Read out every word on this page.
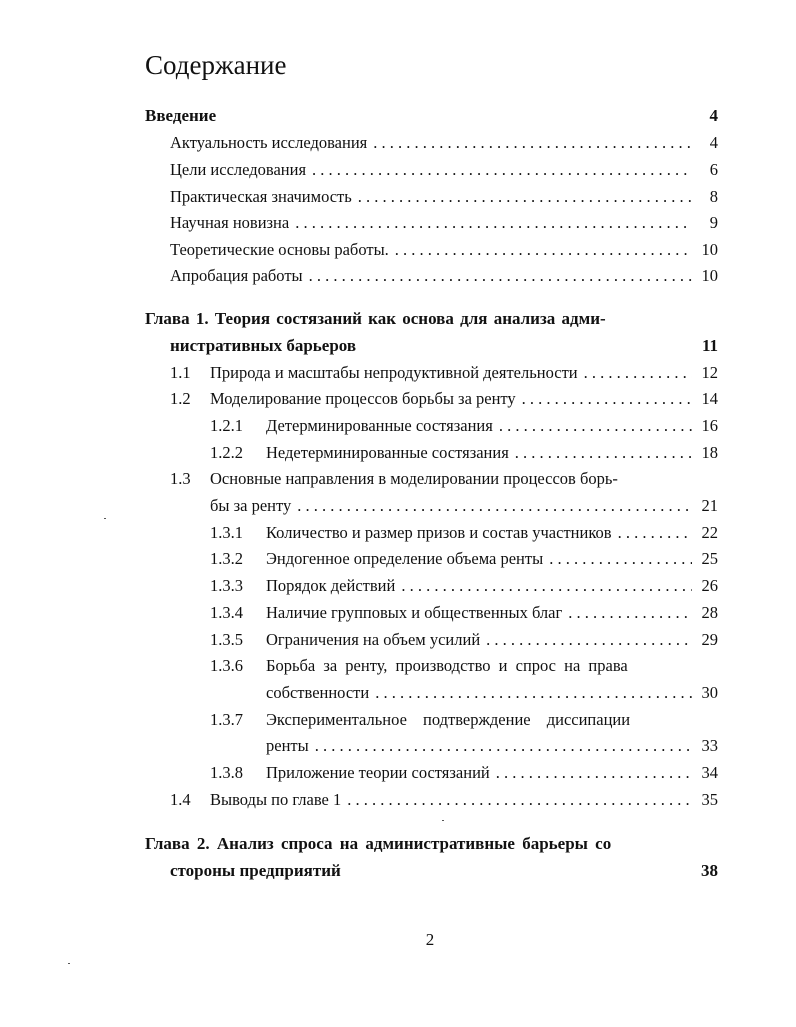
Содержание
Введение	4
Актуальность исследования . . .	4
Цели исследования . . .	6
Практическая значимость . . .	8
Научная новизна . . .	9
Теоретические основы работы. . . .	10
Апробация работы . . .	10
Глава 1. Теория состязаний как основа для анализа адми-
нистративных барьеров	11
1.1	Природа и масштабы непродуктивной деятельности . . .	12
1.2	Моделирование процессов борьбы за ренту . . .	14
1.2.1	Детерминированные состязания . . .	16
1.2.2	Недетерминированные состязания . . .	18
1.3 Основные направления в моделировании процессов борь-
бы за ренту . . .	21
1.3.1	Количество и размер призов и состав участников . . .	22
1.3.2	Эндогенное определение объема ренты . . .	25
1.3.3	Порядок действий . . .	26
1.3.4	Наличие групповых и общественных благ . . .	28
1.3.5	Ограничения на объем усилий . . .	29
1.3.6 Борьба за ренту, производство и спрос на права
собственности . . .	30
1.3.7 Экспериментальное подтверждение диссипации
ренты . . .	33
1.3.8	Приложение теории состязаний . . .	34
1.4	Выводы по главе 1 . . .	35
Глава 2. Анализ спроса на административные барьеры со
стороны предприятий	38
2
